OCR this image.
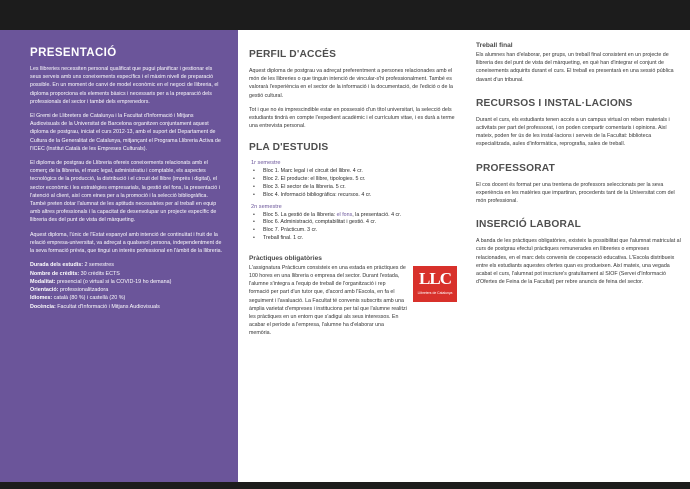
PRESENTACIÓ

Les llibreries necessiten personal qualificat que pugui planificar i gestionar els seus serveis amb uns coneixements específics i el màxim nivell de preparació possible. En un moment de canvi de model econòmic en el negoci de llibreria, el diploma proporciona els elements bàsics i necessaris per a la preparació dels professionals del sector i també dels emprenedors.

El Gremi de Llibreters de Catalunya i la Facultat d'Informació i Mitjans Audiovisuals de la Universitat de Barcelona organitzen conjuntament aquest diploma de postgrau, iniciat el curs 2012-13, amb el suport del Departament de Cultura de la Generalitat de Catalunya, mitjançant el Programa Llibreria Activa de l'ICEC (Institut Català de les Empreses Culturals).

El diploma de postgrau de Llibreria ofereix coneixements relacionats amb el comerç de la llibreria, el marc legal, administratiu i comptable, els aspectes tecnològics de la producció, la distribució i el circuit del llibre (imprès i digital), el sector econòmic i les estratègies empresarials, la gestió del fons, la presentació i l'atenció al client, així com eines per a la promoció i la selecció bibliogràfica. També preten dotar l'alumnat de les aptituds necessàries per al treball en equip amb altres professionals i la capacitat de desenvolupar un projecte específic de llibreria des del punt de vista del màrqueting.

Aquest diploma, l'únic de l'Estat espanyol amb intenció de continuïtat i fruit de la relació empresa-universitat, va adreçat a qualsevol persona, independentment de la seva formació prèvia, que tingui un interès professional en l'àmbit de la llibreria.

Durada dels estudis: 2 semestres
Nombre de crèdits: 30 crèdits ECTS
Modalitat: presencial (o virtual si la COVID-19 ho demana)
Orientació: professionalitzadora
Idiomes: català (80 %) i castellà (20 %)
Docència: Facultat d'Informació i Mitjans Audiovisuals
PERFIL D'ACCÉS

Aquest diploma de postgrau va adreçat preferentment a persones relacionades amb el món de les llibreries o que tinguin intenció de vincular-s'hi professionalment. També es valorarà l'experiència en el sector de la informació i la documentació, de l'edició o de la gestió cultural.

Tot i que no és imprescindible estar en possessió d'un títol universitari, la selecció dels estudiants tindrà en compte l'expedient acadèmic i el currículum vitae, i es durà a terme una entrevista personal.

PLA D'ESTUDIS
1r semestre
•	Bloc 1. Marc legal i el circuit del llibre. 4 cr.
•	Bloc 2. El producte: el llibre, tipologies. 5 cr.
•	Bloc 3. El sector de la llibreria. 5 cr.
•	Bloc 4. Informació bibliogràfica: recursos. 4 cr.
2n semestre
•	Bloc 5. La gestió de la llibreria: el fons, la presentació. 4 cr.
•	Bloc 6. Administració, comptabilitat i gestió. 4 cr.
•	Bloc 7. Pràcticum. 3 cr.
•	Treball final. 1 cr.
Pràctiques obligatòries

L'assignatura Pràcticum consisteix en una estada en pràctiques de 100 hores en una llibreria o empresa del sector. Durant l'estada, l'alumne s'integra a l'equip de treball de l'organització i rep formació per part d'un tutor que, d'acord amb l'Escola, en fa el seguiment i l'avaluació. La Facultat té convenis subscrits amb una àmplia varietat d'empreses i institucions per tal que l'alumne realitzi les pràctiques en un entorn que s'adigui als seus interessos. En acabar el període a l'empresa, l'alumne ha d'elaborar una memòria.

LLC
Llibreters de Catalunya
Treball final

Els alumnes han d'elaborar, per grups, un treball final consistent en un projecte de llibreria des del punt de vista del màrqueting, en què han d'integrar el conjunt de coneixements adquirits durant el curs. El treball es presentarà en una sessió pública davant d'un tribunal.

RECURSOS I INSTAL·LACIONS

Durant el curs, els estudiants tenen accés a un campus virtual on reben materials i activitats per part del professorat, i on poden compartir comentaris i opinions. Així mateix, poden fer ús de les instal·lacions i serveis de la Facultat: biblioteca especialitzada, aules d'informàtica, reprografia, sales de treball.

PROFESSORAT

El cos docent és format per una trentena de professors seleccionats per la seva experiència en les matèries que impartiran, procedents tant de la Universitat com del món professional.

INSERCIÓ LABORAL

A banda de les pràctiques obligatòries, existeix la possibilitat que l'alumnat matriculat al curs de postgrau efectuï pràctiques remunerades en llibreries o empreses relacionades, en el marc dels convenis de cooperació educativa. L'Escola distribueix entre els estudiants aquestes ofertes quan es produeixen. Així mateix, una vegada acabat el curs, l'alumnat pot inscriure's gratuïtament al SIOF (Servei d'Informació d'Ofertes de Feina de la Facultat) per rebre anuncis de feina del sector.
